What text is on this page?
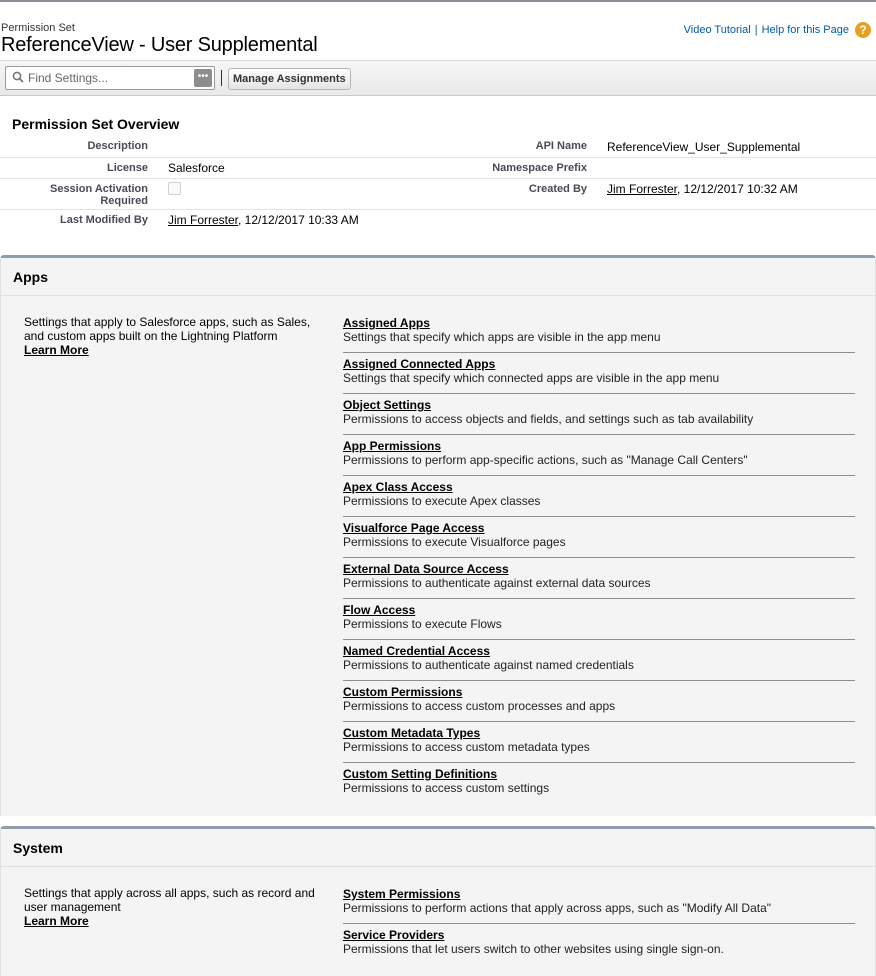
Permission Set
ReferenceView - User Supplemental
Video Tutorial | Help for this Page ?
Find Settings...
•••	Manage Assignments
Permission Set Overview
Description	API Name ReferenceView_User_Supplemental
License Salesforce	Namespace Prefix
Session Activation
Required
Created By Jim Forrester, 12/12/2017 10:32 AM
Last Modified By Jim Forrester, 12/12/2017 10:33 AM
Apps
Settings that apply to Salesforce apps, such as Sales, and custom apps built on the Lightning Platform
Learn More
Assigned Apps
Settings that specify which apps are visible in the app menu
Assigned Connected Apps
Settings that specify which connected apps are visible in the app menu
Object Settings
Permissions to access objects and fields, and settings such as tab availability
App Permissions
Permissions to perform app-specific actions, such as "Manage Call Centers"
Apex Class Access
Permissions to execute Apex classes
Visualforce Page Access
Permissions to execute Visualforce pages
External Data Source Access
Permissions to authenticate against external data sources
Flow Access
Permissions to execute Flows
Named Credential Access
Permissions to authenticate against named credentials
Custom Permissions
Permissions to access custom processes and apps
Custom Metadata Types
Permissions to access custom metadata types
Custom Setting Definitions
Permissions to access custom settings
System
Settings that apply across all apps, such as record and user management
Learn More
System Permissions
Permissions to perform actions that apply across apps, such as "Modify All Data"
Service Providers
Permissions that let users switch to other websites using single sign-on.
